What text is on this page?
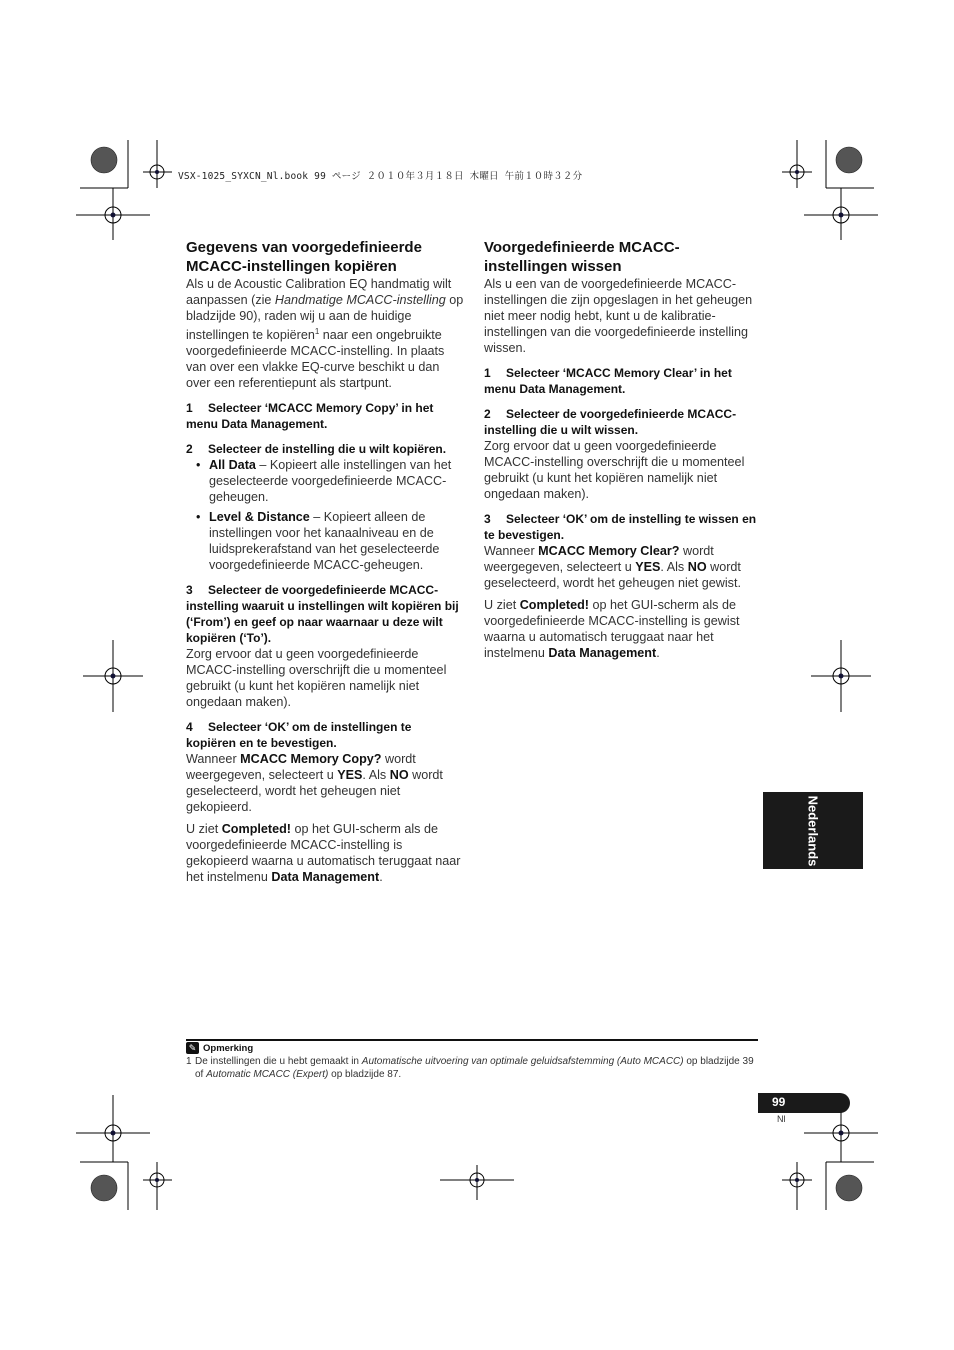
VSX-1025_SYXCN_Nl.book 99 ページ ２０１０年３月１８日 木曜日 午前１０時３２分
Gegevens van voorgedefinieerde MCACC-instellingen kopiëren

Als u de Acoustic Calibration EQ handmatig wilt aanpassen (zie Handmatige MCACC-instelling op bladzijde 90), raden wij u aan de huidige instellingen te kopiëren$^1$ naar een ongebruikte voorgedefinieerde MCACC-instelling. In plaats van over een vlakke EQ-curve beschikt u dan over een referentiepunt als startpunt.

1 Selecteer ‘MCACC Memory Copy’ in het menu Data Management.
2 Selecteer de instelling die u wilt kopiëren.
• All Data – Kopieert alle instellingen van het geselecteerde voorgedefinieerde MCACC-geheugen.
• Level & Distance – Kopieert alleen de instellingen voor het kanaalniveau en de luidsprekerafstand van het geselecteerde voorgedefinieerde MCACC-geheugen.
3 Selecteer de voorgedefinieerde MCACC-instelling waaruit u instellingen wilt kopiëren bij (‘From’) en geef op naar waarnaar u deze wilt kopiëren (‘To’).

Zorg ervoor dat u geen voorgedefinieerde MCACC-instelling overschrijft die u momenteel gebruikt (u kunt het kopiëren namelijk niet ongedaan maken).

4 Selecteer ‘OK’ om de instellingen te kopiëren en te bevestigen.

Wanneer MCACC Memory Copy? wordt weergegeven, selecteert u YES. Als NO wordt geselecteerd, wordt het geheugen niet gekopieerd.

U ziet Completed! op het GUI-scherm als de voorgedefinieerde MCACC-instelling is gekopieerd waarna u automatisch teruggaat naar het instelmenu Data Management.

Voorgedefinieerde MCACC-instellingen wissen

Als u een van de voorgedefinieerde MCACC-instellingen die zijn opgeslagen in het geheugen niet meer nodig hebt, kunt u de kalibratie-instellingen van die voorgedefinieerde instelling wissen.

1 Selecteer ‘MCACC Memory Clear’ in het menu Data Management.
2 Selecteer de voorgedefinieerde MCACC-instelling die u wilt wissen.

Zorg ervoor dat u geen voorgedefinieerde MCACC-instelling overschrijft die u momenteel gebruikt (u kunt het kopiëren namelijk niet ongedaan maken).

3 Selecteer ‘OK’ om de instelling te wissen en te bevestigen.

Wanneer MCACC Memory Clear? wordt weergegeven, selecteert u YES. Als NO wordt geselecteerd, wordt het geheugen niet gewist.

U ziet Completed! op het GUI-scherm als de voorgedefinieerde MCACC-instelling is gewist waarna u automatisch teruggaat naar het instelmenu Data Management.

Nederlands
✎ Opmerking
1 De instellingen die u hebt gemaakt in Automatische uitvoering van optimale geluidsafstemming (Auto MCACC) op bladzijde 39 of Automatic MCACC (Expert) op bladzijde 87.
99
Nl
